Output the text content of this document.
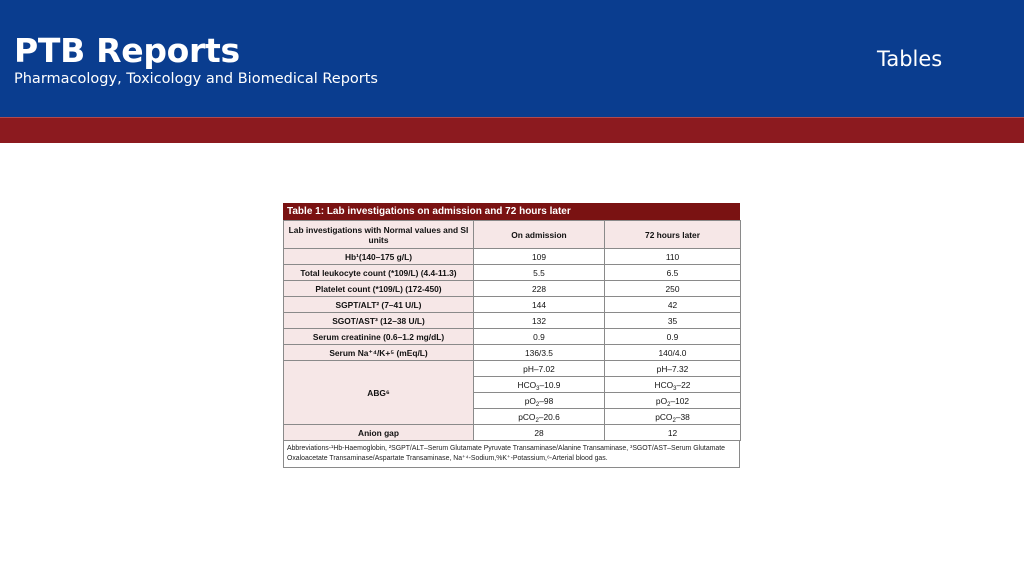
PTB Reports
Pharmacology, Toxicology and Biomedical Reports
Tables
Table 1: Lab investigations on admission and 72 hours later
Lab investigations with Normal values and SI units	On admission	72 hours later
Hb¹(140–175 g/L)	109	110
Total leukocyte count (*109/L) (4.4-11.3)	5.5	6.5
Platelet count (*109/L) (172-450)	228	250
SGPT/ALT² (7–41 U/L)	144	42
SGOT/AST³ (12–38 U/L)	132	35
Serum creatinine (0.6–1.2 mg/dL)	0.9	0.9
Serum Na⁺⁴/K+⁵ (mEq/L)	136/3.5	140/4.0
ABG⁶	pH–7.02	pH–7.32
	$HCO_3-10.9$	$HCO_3-22$
	$pO_2-98$	$pO_2-102$
	pCO$_2$–20.6	pCO$_2$–38
Anion gap	28	12
Abbreviations-¹Hb-Haemoglobin, ²SGPT/ALT–Serum Glutamate Pyruvate Transaminase/Alanine Transaminase, ³SGOT/AST–Serum Glutamate Oxaloacetate Transaminase/Aspartate Transaminase, Na⁺⁴-Sodium,%K⁺-Potassium,⁶-Arterial blood gas.
